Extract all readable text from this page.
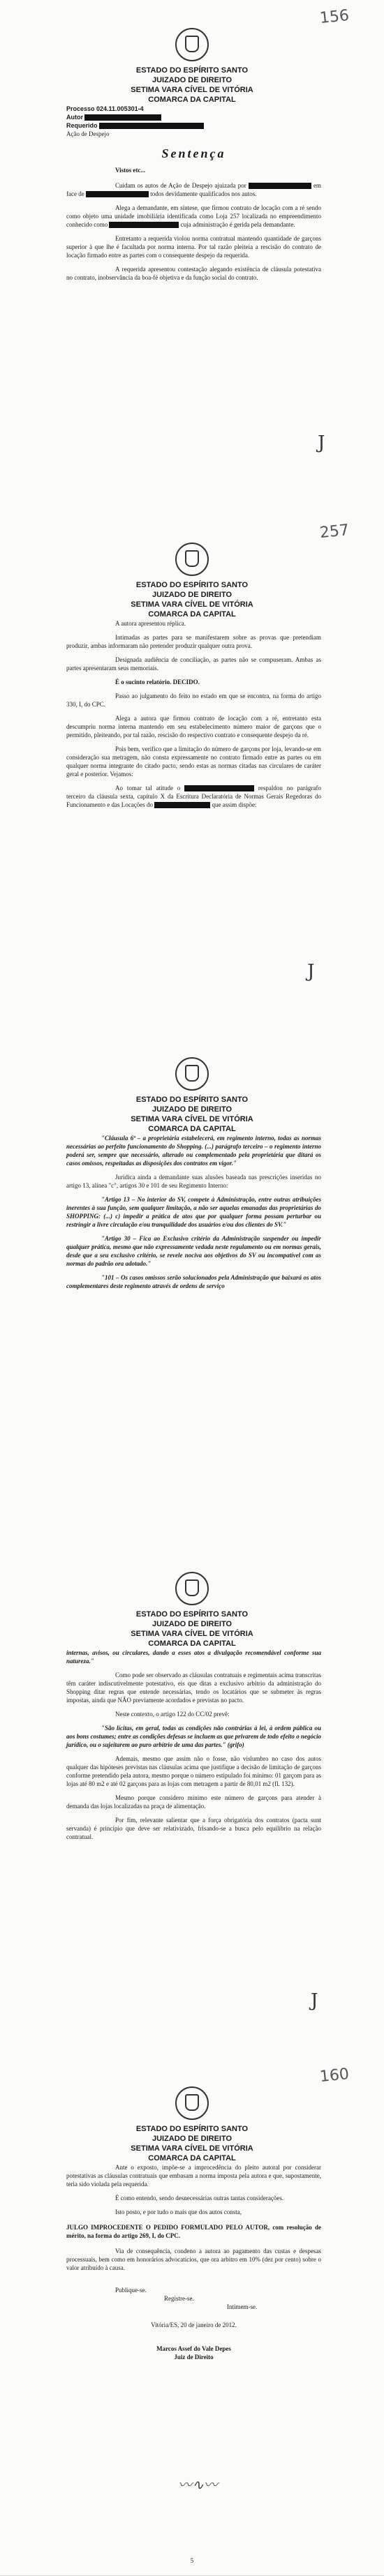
156
ESTADO DO ESPÍRITO SANTO
JUIZADO DE DIREITO
SETIMA VARA CÍVEL DE VITÓRIA
COMARCA DA CAPITAL

Processo 024.11.005301-4

Autor

Requerido

Ação de Despejo

Sentença
Vistos etc...

Cuidam os autos de Ação de Despejo ajuizada por	em face de	todos devidamente qualificados nos autos.

Alega a demandante, em síntese, que firmou contrato de locação com a ré sendo como objeto uma unidade imobiliária identificada como Loja 257 localizada no empreendimento conhecido como	cuja administração é gerida pela demandante.

Entretanto a requerida violou norma contratual mantendo quantidade de garçons superior à que lhe é facultada por norma interna. Por tal razão pleiteia a rescisão do contrato de locação firmado entre as partes com o consequente despejo da requerida.

A requerida apresentou contestação alegando existência de cláusula potestativa no contrato, inobservância da boa-fé objetiva e da função social do contrato.

J
257
ESTADO DO ESPÍRITO SANTO
JUIZADO DE DIREITO
SETIMA VARA CÍVEL DE VITÓRIA
COMARCA DA CAPITAL

A autora apresentou réplica.

Intimadas as partes para se manifestarem sobre as provas que pretendiam produzir, ambas informaram não pretender produzir qualquer outra prova.

Designada audiência de conciliação, as partes não se compuseram. Ambas as partes apresentaram seus memoriais.

É o sucinto relatório. DECIDO.

Passo ao julgamento do feito no estado em que se encontra, na forma do artigo 330, I, do CPC.

Alega a autora que firmou contrato de locação com a ré, entretanto esta descumpriu norma interna mantendo em seu estabelecimento número maior de garçons que o permitido, pleiteando, por tal razão, rescisão do respectivo contrato e consequente despejo da ré.

Pois bem, verifico que a limitação do número de garçons por loja, levando-se em consideração sua metragem, não consta expressamente no contrato firmado entre as partes ou em qualquer norma integrante do citado pacto, sendo estas as normas citadas nas circulares de caráter geral e posterior. Vejamos:

Ao tomar tal atitude o	respaldou no parágrafo terceiro da cláusula sexta, capítulo X da Escritura Declaratória de Normas Gerais Regedoras do Funcionamento e das Locações do	que assim dispõe:

J
ESTADO DO ESPÍRITO SANTO
JUIZADO DE DIREITO
SETIMA VARA CÍVEL DE VITÓRIA
COMARCA DA CAPITAL

"Cláusula 6ª – a proprietária estabelecerá, em regimento interno, todas as normas necessárias ao perfeito funcionamento do Shopping. (...) parágrafo terceiro – o regimento interno poderá ser, sempre que necessário, alterado ou complementado pela proprietária que ditará os casos omissos, respeitadas as disposições dos contratos em vigor."

Juridica ainda a demandante suas alusões baseada nas prescrições inseridas no artigo 13, alínea "c", artigos 30 e 101 de seu Regimento Interno:

"Artigo 13 – No interior do SV, compete à Administração, entre outras atribuições inerentes à sua função, sem qualquer limitação, a não ser aquelas emanadas das proprietárias do SHOPPING: (...) c) impedir a prática de atos que por qualquer forma possam perturbar ou restringir a livre circulação e/ou tranquilidade dos usuários e/ou dos clientes do SV."

"Artigo 30 – Fica ao Exclusivo critério da Administração suspender ou impedir qualquer prática, mesmo que não expressamente vedada neste regulamento ou em normas gerais, desde que a seu exclusivo critério, se revele nociva aos objetivos do SV ou incompatível com as normas do padrão ora adotado."

"101 – Os casos omissos serão solucionados pela Administração que baixará os atos complementares deste regimento através de ordens de serviço

ESTADO DO ESPÍRITO SANTO
JUIZADO DE DIREITO
SETIMA VARA CÍVEL DE VITÓRIA
COMARCA DA CAPITAL

internas, avisos, ou circulares, dando a esses atos a divulgação recomendável conforme sua natureza."

Como pode ser observado as cláusulas contratuais e regimentais acima transcritas têm caráter indiscutivelmente potestativo, eis que ditas a exclusivo arbítrio da administração do Shopping ditar regras que entende necessárias, tendo os locatários que se submeter às regras impostas, ainda que NÃO previamente acordados e previstas no pacto.

Neste contexto, o artigo 122 do CC/02 prevê:

"São lícitas, em geral, todas as condições não contrárias à lei, à ordem pública ou aos bons costumes; entre as condições defesas se incluem as que privarem de todo efeito o negócio jurídico, ou o sujeitarem ao puro arbítrio de uma das partes." (grifo)

Ademais, mesmo que assim não o fosse, não vislumbro no caso dos autos qualquer das hipóteses previstas nas cláusulas acima que justifique a decisão de limitação de garçons conforme pretendido pela autora, mesmo porque o número estipulado foi mínimo: 01 garçom para as lojas até 80 m2 e até 02 garçons para as lojas com metragem a partir de 80,01 m2 (fl. 132).

Mesmo porque considero mínimo este número de garçons para atender à demanda das lojas localizadas na praça de alimentação.

Por fim, relevante salientar que a força obrigatória dos contratos (pacta sunt servanda) é princípio que deve ser relativizado, frisando-se a busca pelo equilíbrio na relação contratual.

J
160
ESTADO DO ESPÍRITO SANTO
JUIZADO DE DIREITO
SETIMA VARA CÍVEL DE VITÓRIA
COMARCA DA CAPITAL

Ante o exposto, impõe-se a improcedência do pleito autoral por considerar potestativas as cláusulas contratuais que embasam a norma imposta pela autora e que, supostamente, teria sido violada pela requerida.

É como entendo, sendo desnecessárias outras tantas considerações.

Isto posto, e por tudo o mais que dos autos consta,

JULGO IMPROCEDENTE O PEDIDO FORMULADO PELO AUTOR, com resolução de mérito, na forma do artigo 269, I, do CPC.

Via de consequência, condeno a autora ao pagamento das custas e despesas processuais, bem como em honorários advocatícios, que ora arbitro em 10% (dez por cento) sobre o valor atribuído à causa.

Publique-se.
Registre-se.
Intimem-se.
Vitória/ES, 20 de janeiro de 2012.
Marcos Assef do Vale Depes
Juiz de Direito
〰∿〰
5
